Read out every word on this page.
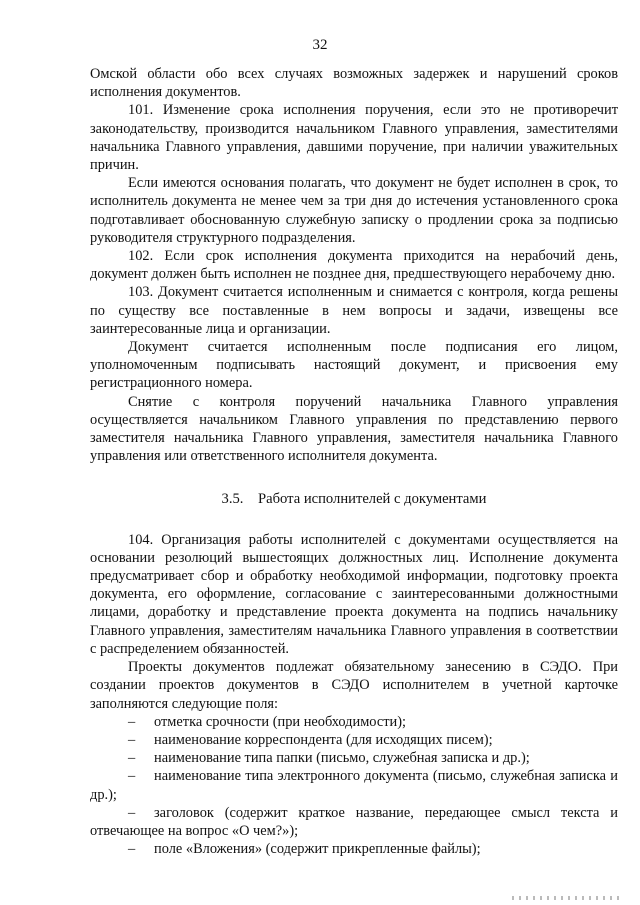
32

Омской области обо всех случаях возможных задержек и нарушений сроков исполнения документов.

101. Изменение срока исполнения поручения, если это не противоречит законодательству, производится начальником Главного управления, заместителями начальника Главного управления, давшими поручение, при наличии уважительных причин.

Если имеются основания полагать, что документ не будет исполнен в срок, то исполнитель документа не менее чем за три дня до истечения установленного срока подготавливает обоснованную служебную записку о продлении срока за подписью руководителя структурного подразделения.

102. Если срок исполнения документа приходится на нерабочий день, документ должен быть исполнен не позднее дня, предшествующего нерабочему дню.

103. Документ считается исполненным и снимается с контроля, когда решены по существу все поставленные в нем вопросы и задачи, извещены все заинтересованные лица и организации.

Документ считается исполненным после подписания его лицом, уполномоченным подписывать настоящий документ, и присвоения ему регистрационного номера.

Снятие с контроля поручений начальника Главного управления осуществляется начальником Главного управления по представлению первого заместителя начальника Главного управления, заместителя начальника Главного управления или ответственного исполнителя документа.

3.5. Работа исполнителей с документами

104. Организация работы исполнителей с документами осуществляется на основании резолюций вышестоящих должностных лиц. Исполнение документа предусматривает сбор и обработку необходимой информации, подготовку проекта документа, его оформление, согласование с заинтересованными должностными лицами, доработку и представление проекта документа на подпись начальнику Главного управления, заместителям начальника Главного управления в соответствии с распределением обязанностей.

Проекты документов подлежат обязательному занесению в СЭДО. При создании проектов документов в СЭДО исполнителем в учетной карточке заполняются следующие поля:

– отметка срочности (при необходимости);

– наименование корреспондента (для исходящих писем);

– наименование типа папки (письмо, служебная записка и др.);

– наименование типа электронного документа (письмо, служебная записка и др.);

– заголовок (содержит краткое название, передающее смысл текста и отвечающее на вопрос «О чем?»);

– поле «Вложения» (содержит прикрепленные файлы);
